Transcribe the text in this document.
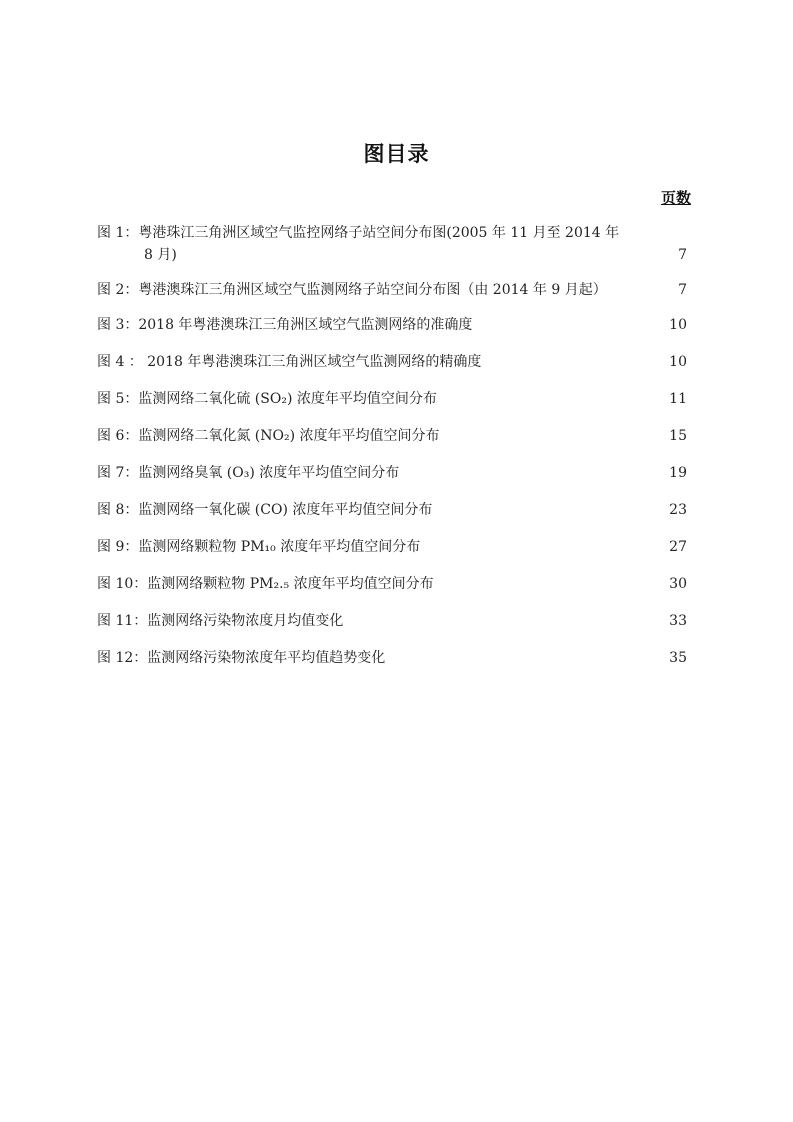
图目录
页数
图 1：粤港珠江三角洲区域空气监控网络子站空间分布图(2005 年 11 月至 2014 年 8 月)	7
图 2：粤港澳珠江三角洲区域空气监测网络子站空间分布图（由 2014 年 9 月起）	7
图 3：2018 年粤港澳珠江三角洲区域空气监测网络的准确度	10
图 4 ： 2018 年粤港澳珠江三角洲区域空气监测网络的精确度	10
图 5：监测网络二氧化硫 (SO₂) 浓度年平均值空间分布	11
图 6：监测网络二氧化氮 (NO₂) 浓度年平均值空间分布	15
图 7：监测网络臭氧 (O₃) 浓度年平均值空间分布	19
图 8：监测网络一氧化碳 (CO) 浓度年平均值空间分布	23
图 9：监测网络颗粒物 PM₁₀ 浓度年平均值空间分布	27
图 10：监测网络颗粒物 PM₂.₅ 浓度年平均值空间分布	30
图 11：监测网络污染物浓度月均值变化	33
图 12：监测网络污染物浓度年平均值趋势变化	35
